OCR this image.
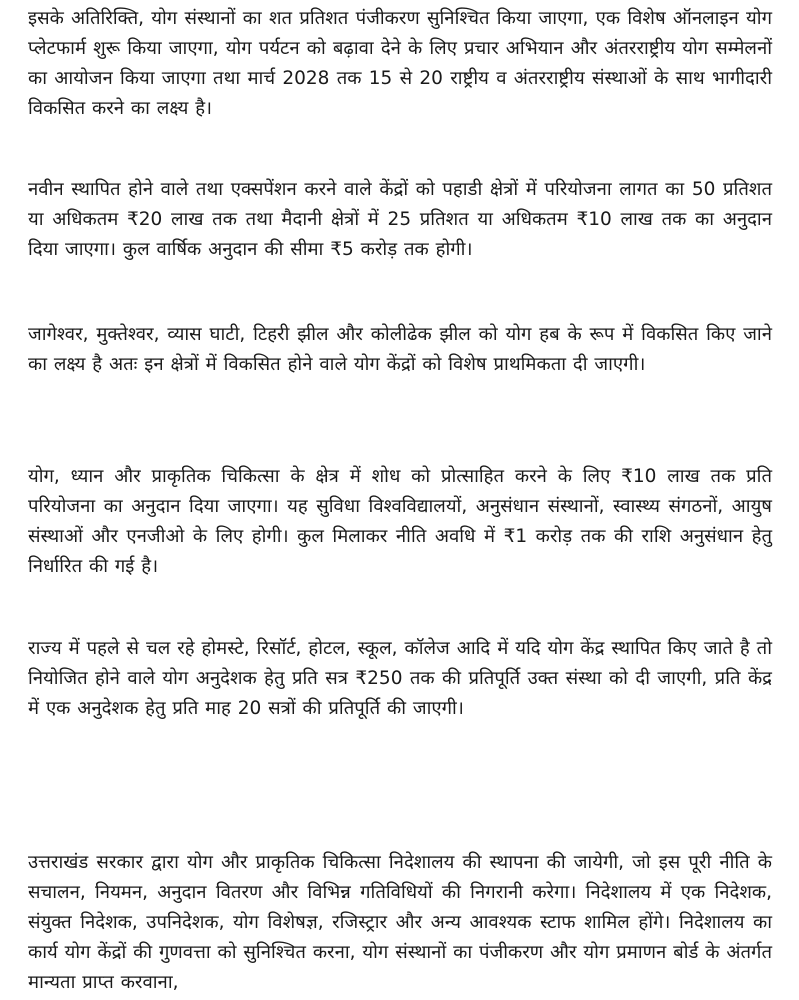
इसके अतिरिक्ति, योग संस्थानों का शत प्रतिशत पंजीकरण सुनिश्चित किया जाएगा, एक विशेष ऑनलाइन योग प्लेटफार्म शुरू किया जाएगा, योग पर्यटन को बढ़ावा देने के लिए प्रचार अभियान और अंतरराष्ट्रीय योग सम्मेलनों का आयोजन किया जाएगा तथा मार्च 2028 तक 15 से 20 राष्ट्रीय व अंतरराष्ट्रीय संस्थाओं के साथ भागीदारी विकसित करने का लक्ष्य है।

नवीन स्थापित होने वाले तथा एक्सपेंशन करने वाले केंद्रों को पहाडी क्षेत्रों में परियोजना लागत का 50 प्रतिशत या अधिकतम ₹20 लाख तक तथा मैदानी क्षेत्रों में 25 प्रतिशत या अधिकतम ₹10 लाख तक का अनुदान दिया जाएगा। कुल वार्षिक अनुदान की सीमा ₹5 करोड़ तक होगी।

जागेश्वर, मुक्तेश्वर, व्यास घाटी, टिहरी झील और कोलीढेक झील को योग हब के रूप में विकसित किए जाने का लक्ष्य है अतः इन क्षेत्रों में विकसित होने वाले योग केंद्रों को विशेष प्राथमिकता दी जाएगी।

योग, ध्यान और प्राकृतिक चिकित्सा के क्षेत्र में शोध को प्रोत्साहित करने के लिए ₹10 लाख तक प्रति परियोजना का अनुदान दिया जाएगा। यह सुविधा विश्वविद्यालयों, अनुसंधान संस्थानों, स्वास्थ्य संगठनों, आयुष संस्थाओं और एनजीओ के लिए होगी। कुल मिलाकर नीति अवधि में ₹1 करोड़ तक की राशि अनुसंधान हेतु निर्धारित की गई है।

राज्य में पहले से चल रहे होमस्टे, रिसॉर्ट, होटल, स्कूल, कॉलेज आदि में यदि योग केंद्र स्थापित किए जाते है तो नियोजित होने वाले योग अनुदेशक हेतु प्रति सत्र ₹250 तक की प्रतिपूर्ति उक्त संस्था को दी जाएगी, प्रति केंद्र में एक अनुदेशक हेतु प्रति माह 20 सत्रों की प्रतिपूर्ति की जाएगी।

उत्तराखंड सरकार द्वारा योग और प्राकृतिक चिकित्सा निदेशालय की स्थापना की जायेगी, जो इस पूरी नीति के सचालन, नियमन, अनुदान वितरण और विभिन्न गतिविधियों की निगरानी करेगा। निदेशालय में एक निदेशक, संयुक्त निदेशक, उपनिदेशक, योग विशेषज्ञ, रजिस्ट्रार और अन्य आवश्यक स्टाफ शामिल होंगे। निदेशालय का कार्य योग केंद्रों की गुणवत्ता को सुनिश्चित करना, योग संस्थानों का पंजीकरण और योग प्रमाणन बोर्ड के अंतर्गत मान्यता प्राप्त करवाना,
